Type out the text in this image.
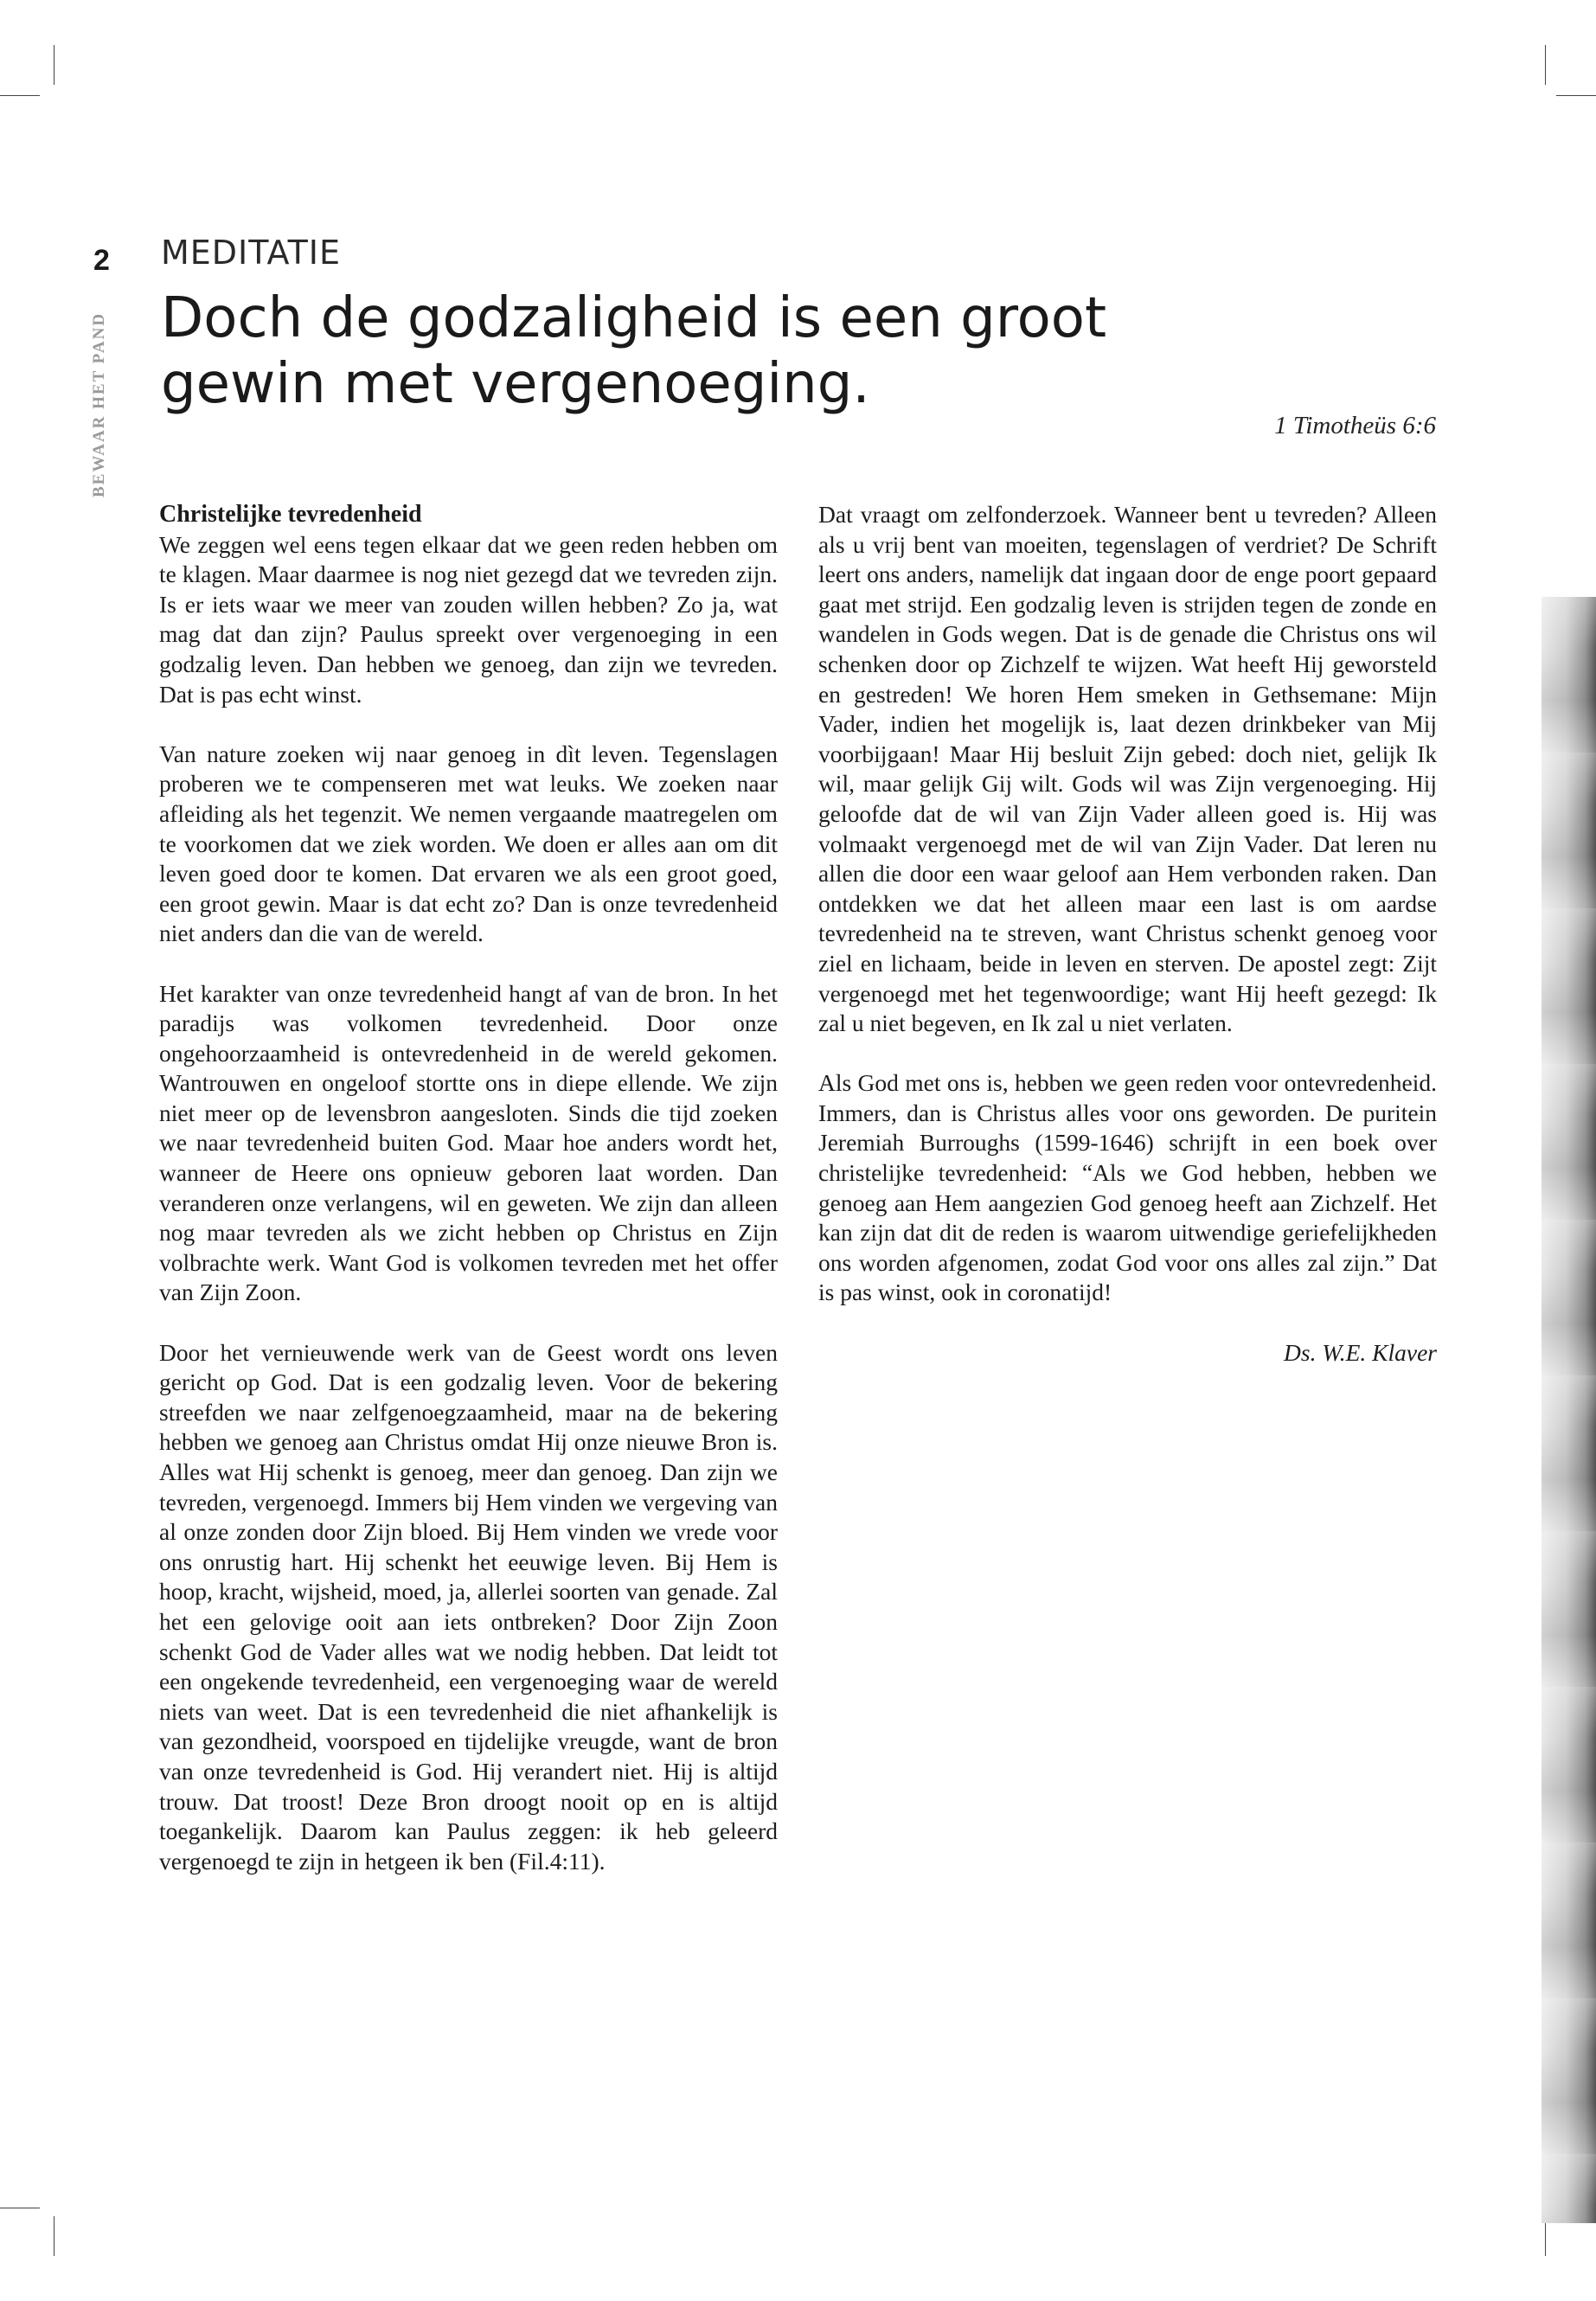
2
BEWAAR HET PAND
MEDITATIE
Doch de godzaligheid is een groot
gewin met vergenoeging.
1 Timotheüs 6:6
Christelijke tevredenheid

We zeggen wel eens tegen elkaar dat we geen reden hebben om te klagen. Maar daarmee is nog niet gezegd dat we tevreden zijn. Is er iets waar we meer van zouden willen hebben? Zo ja, wat mag dat dan zijn? Paulus spreekt over vergenoeging in een godzalig leven. Dan hebben we genoeg, dan zijn we tevreden. Dat is pas echt winst.

Van nature zoeken wij naar genoeg in dìt leven. Tegenslagen proberen we te compenseren met wat leuks. We zoeken naar afleiding als het tegenzit. We nemen vergaande maatregelen om te voorkomen dat we ziek worden. We doen er alles aan om dit leven goed door te komen. Dat ervaren we als een groot goed, een groot gewin. Maar is dat echt zo? Dan is onze tevredenheid niet anders dan die van de wereld.

Het karakter van onze tevredenheid hangt af van de bron. In het paradijs was volkomen tevredenheid. Door onze ongehoorzaamheid is ontevredenheid in de wereld gekomen. Wantrouwen en ongeloof stortte ons in diepe ellende. We zijn niet meer op de levensbron aangesloten. Sinds die tijd zoeken we naar tevredenheid buiten God. Maar hoe anders wordt het, wanneer de Heere ons opnieuw geboren laat worden. Dan veranderen onze verlangens, wil en geweten. We zijn dan alleen nog maar tevreden als we zicht hebben op Christus en Zijn volbrachte werk. Want God is volkomen tevreden met het offer van Zijn Zoon.

Door het vernieuwende werk van de Geest wordt ons leven gericht op God. Dat is een godzalig leven. Voor de bekering streefden we naar zelfgenoegzaamheid, maar na de bekering hebben we genoeg aan Christus omdat Hij onze nieuwe Bron is. Alles wat Hij schenkt is genoeg, meer dan genoeg. Dan zijn we tevreden, vergenoegd. Immers bij Hem vinden we vergeving van al onze zonden door Zijn bloed. Bij Hem vinden we vrede voor ons onrustig hart. Hij schenkt het eeuwige leven. Bij Hem is hoop, kracht, wijsheid, moed, ja, allerlei soorten van genade. Zal het een gelovige ooit aan iets ontbreken? Door Zijn Zoon schenkt God de Vader alles wat we nodig hebben. Dat leidt tot een ongekende tevredenheid, een vergenoeging waar de wereld niets van weet. Dat is een tevredenheid die niet afhankelijk is van gezondheid, voorspoed en tijdelijke vreugde, want de bron van onze tevredenheid is God. Hij verandert niet. Hij is altijd trouw. Dat troost! Deze Bron droogt nooit op en is altijd toegankelijk. Daarom kan Paulus zeggen: ik heb geleerd vergenoegd te zijn in hetgeen ik ben (Fil.4:11).

Dat vraagt om zelfonderzoek. Wanneer bent u tevreden? Alleen als u vrij bent van moeiten, tegenslagen of verdriet? De Schrift leert ons anders, namelijk dat ingaan door de enge poort gepaard gaat met strijd. Een godzalig leven is strijden tegen de zonde en wandelen in Gods wegen. Dat is de genade die Christus ons wil schenken door op Zichzelf te wijzen. Wat heeft Hij geworsteld en gestreden! We horen Hem smeken in Gethsemane: Mijn Vader, indien het mogelijk is, laat dezen drinkbeker van Mij voorbijgaan! Maar Hij besluit Zijn gebed: doch niet, gelijk Ik wil, maar gelijk Gij wilt. Gods wil was Zijn vergenoeging. Hij geloofde dat de wil van Zijn Vader alleen goed is. Hij was volmaakt vergenoegd met de wil van Zijn Vader. Dat leren nu allen die door een waar geloof aan Hem verbonden raken. Dan ontdekken we dat het alleen maar een last is om aardse tevredenheid na te streven, want Christus schenkt genoeg voor ziel en lichaam, beide in leven en sterven. De apostel zegt: Zijt vergenoegd met het tegenwoordige; want Hij heeft gezegd: Ik zal u niet begeven, en Ik zal u niet verlaten.

Als God met ons is, hebben we geen reden voor ontevredenheid. Immers, dan is Christus alles voor ons geworden. De puritein Jeremiah Burroughs (1599-1646) schrijft in een boek over christelijke tevredenheid: “Als we God hebben, hebben we genoeg aan Hem aangezien God genoeg heeft aan Zichzelf. Het kan zijn dat dit de reden is waarom uitwendige geriefelijkheden ons worden afgenomen, zodat God voor ons alles zal zijn.” Dat is pas winst, ook in coronatijd!

Ds. W.E. Klaver
